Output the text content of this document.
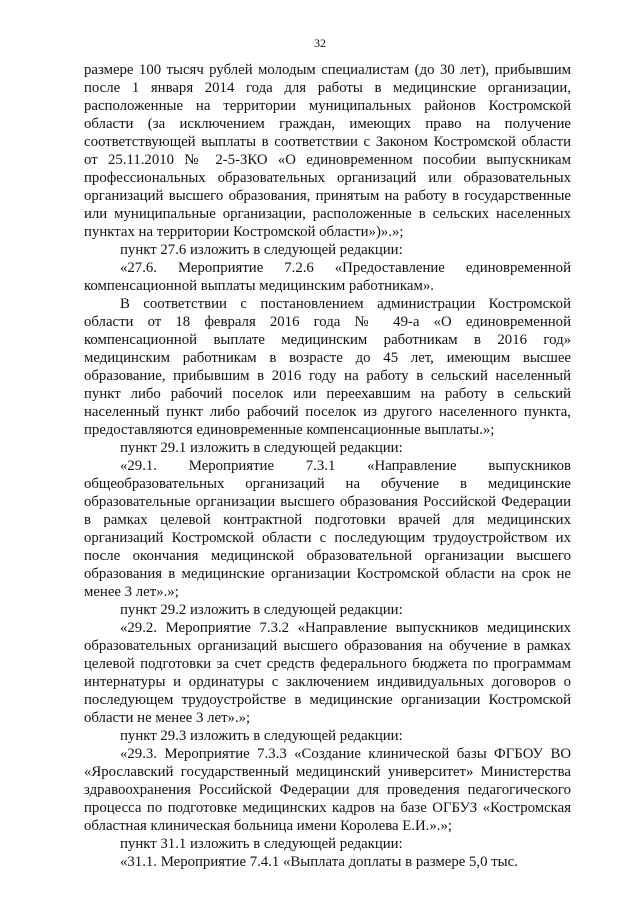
32

размере 100 тысяч рублей молодым специалистам (до 30 лет), прибывшим после 1 января 2014 года для работы в медицинские организации, расположенные на территории муниципальных районов Костромской области (за исключением граждан, имеющих право на получение соответствующей выплаты в соответствии с Законом Костромской области от 25.11.2010 № 2-5-ЗКО «О единовременном пособии выпускникам профессиональных образовательных организаций или образовательных организаций высшего образования, принятым на работу в государственные или муниципальные организации, расположенные в сельских населенных пунктах на территории Костромской области»)».»;

пункт 27.6 изложить в следующей редакции:

«27.6. Мероприятие 7.2.6 «Предоставление единовременной компенсационной выплаты медицинским работникам».

В соответствии с постановлением администрации Костромской области от 18 февраля 2016 года № 49-а «О единовременной компенсационной выплате медицинским работникам в 2016 год» медицинским работникам в возрасте до 45 лет, имеющим высшее образование, прибывшим в 2016 году на работу в сельский населенный пункт либо рабочий поселок или переехавшим на работу в сельский населенный пункт либо рабочий поселок из другого населенного пункта, предоставляются единовременные компенсационные выплаты.»;

пункт 29.1 изложить в следующей редакции:

«29.1. Мероприятие 7.3.1 «Направление выпускников общеобразовательных организаций на обучение в медицинские образовательные организации высшего образования Российской Федерации в рамках целевой контрактной подготовки врачей для медицинских организаций Костромской области с последующим трудоустройством их после окончания медицинской образовательной организации высшего образования в медицинские организации Костромской области на срок не менее 3 лет».»;

пункт 29.2 изложить в следующей редакции:

«29.2. Мероприятие 7.3.2 «Направление выпускников медицинских образовательных организаций высшего образования на обучение в рамках целевой подготовки за счет средств федерального бюджета по программам интернатуры и ординатуры с заключением индивидуальных договоров о последующем трудоустройстве в медицинские организации Костромской области не менее 3 лет».»;

пункт 29.3 изложить в следующей редакции:

«29.3. Мероприятие 7.3.3 «Создание клинической базы ФГБОУ ВО «Ярославский государственный медицинский университет» Министерства здравоохранения Российской Федерации для проведения педагогического процесса по подготовке медицинских кадров на базе ОГБУЗ «Костромская областная клиническая больница имени Королева Е.И.».»;

пункт 31.1 изложить в следующей редакции:

«31.1. Мероприятие 7.4.1 «Выплата доплаты в размере 5,0 тыс.
